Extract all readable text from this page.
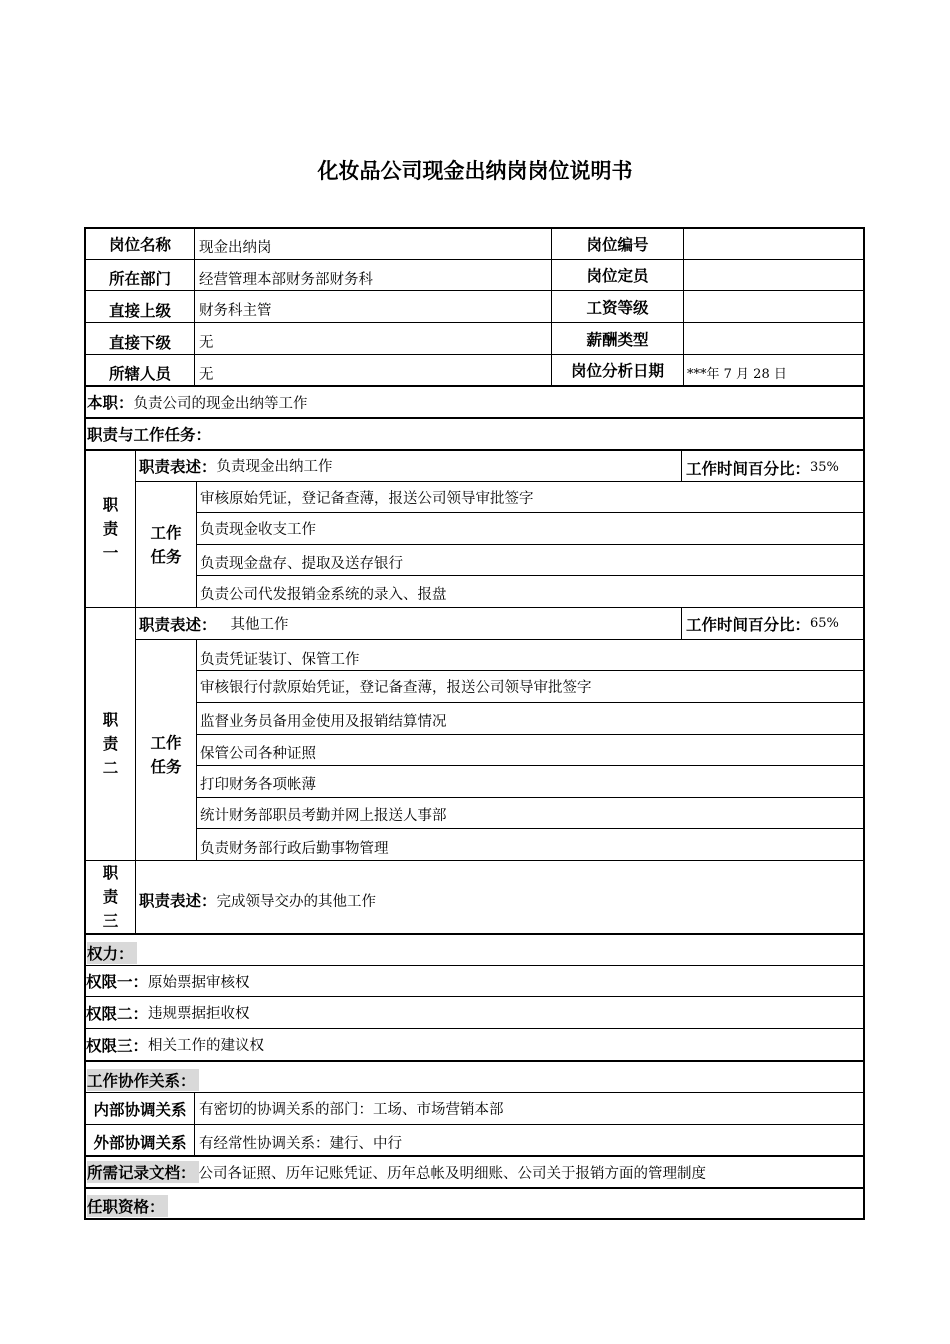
化妆品公司现金出纳岗岗位说明书
岗位名称	现金出纳岗	岗位编号
所在部门	经营管理本部财务部财务科	岗位定员
直接上级	财务科主管	工资等级
直接下级	无	薪酬类型
所辖人员	无	岗位分析日期	***年 7 月 28 日
本职： 负责公司的现金出纳等工作
职责与工作任务：
职
责
一
职责表述： 负责现金出纳工作	工作时间百分比： 35%
工作
任务
审核原始凭证，登记备查薄，报送公司领导审批签字
负责现金收支工作
负责现金盘存、提取及送存银行
负责公司代发报销金系统的录入、报盘
职
责
二
职责表述： 其他工作	工作时间百分比： 65%
工作
任务
负责凭证装订、保管工作
审核银行付款原始凭证，登记备查薄，报送公司领导审批签字
监督业务员备用金使用及报销结算情况
保管公司各种证照
打印财务各项帐薄
统计财务部职员考勤并网上报送人事部
负责财务部行政后勤事物管理
职
责
三
职责表述： 完成领导交办的其他工作
权力：
权限一： 原始票据审核权
权限二： 违规票据拒收权
权限三： 相关工作的建议权
工作协作关系：
内部协调关系 有密切的协调关系的部门：工场、市场营销本部
外部协调关系 有经常性协调关系：建行、中行
所需记录文档： 公司各证照、历年记账凭证、历年总帐及明细账、公司关于报销方面的管理制度
任职资格：
